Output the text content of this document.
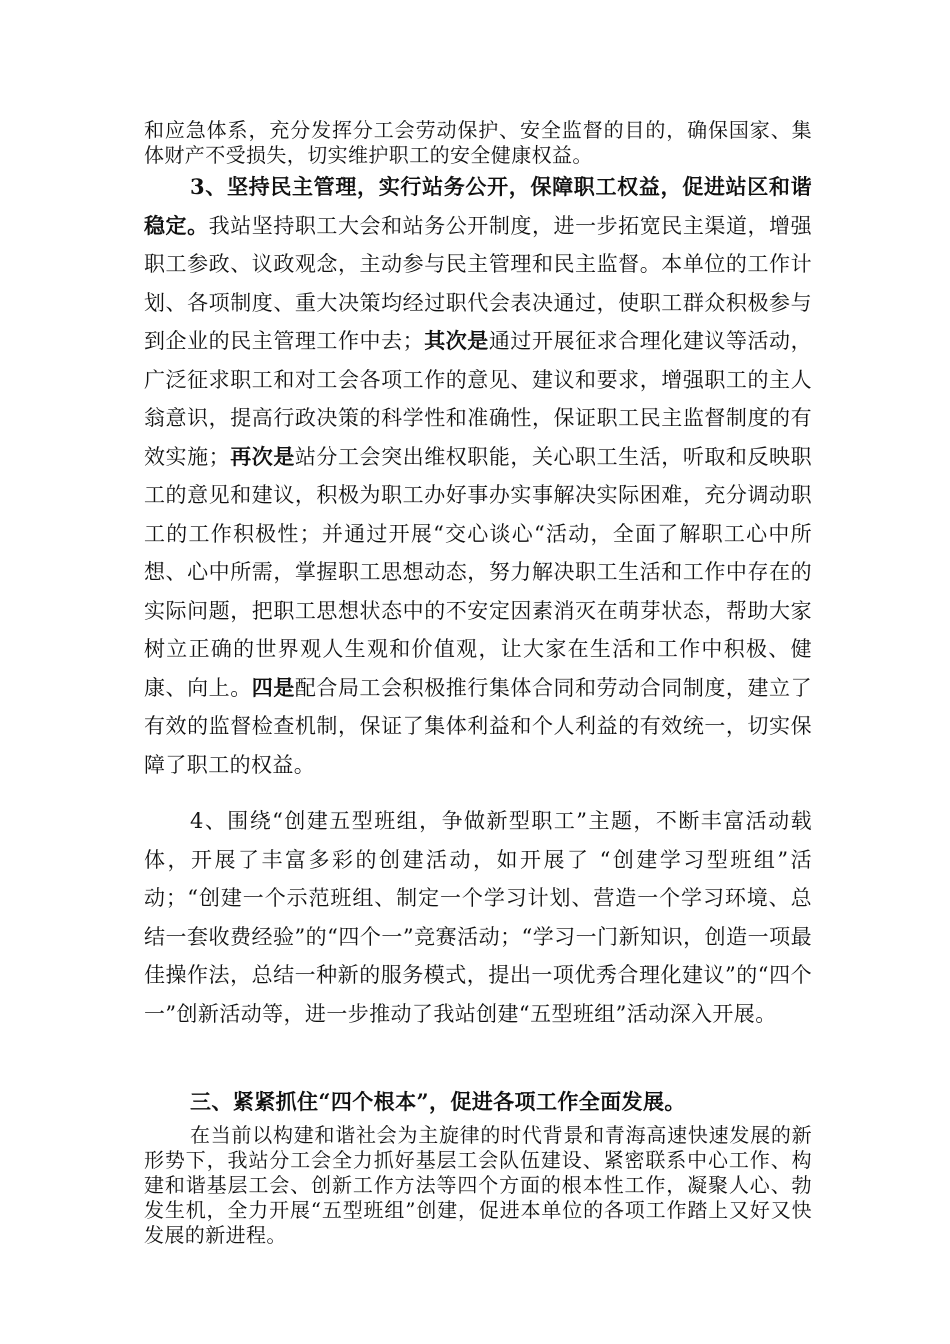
和应急体系，充分发挥分工会劳动保护、安全监督的目的，确保国家、集体财产不受损失，切实维护职工的安全健康权益。

3、坚持民主管理，实行站务公开，保障职工权益，促进站区和谐稳定。我站坚持职工大会和站务公开制度，进一步拓宽民主渠道，增强职工参政、议政观念，主动参与民主管理和民主监督。本单位的工作计划、各项制度、重大决策均经过职代会表决通过，使职工群众积极参与到企业的民主管理工作中去；其次是通过开展征求合理化建议等活动，广泛征求职工和对工会各项工作的意见、建议和要求，增强职工的主人翁意识，提高行政决策的科学性和准确性，保证职工民主监督制度的有效实施；再次是站分工会突出维权职能，关心职工生活，听取和反映职工的意见和建议，积极为职工办好事办实事解决实际困难，充分调动职工的工作积极性；并通过开展“交心谈心“活动，全面了解职工心中所想、心中所需，掌握职工思想动态，努力解决职工生活和工作中存在的实际问题，把职工思想状态中的不安定因素消灭在萌芽状态，帮助大家树立正确的世界观人生观和价值观，让大家在生活和工作中积极、健康、向上。四是配合局工会积极推行集体合同和劳动合同制度，建立了有效的监督检查机制，保证了集体利益和个人利益的有效统一，切实保障了职工的权益。

4、围绕“创建五型班组，争做新型职工”主题，不断丰富活动载体，开展了丰富多彩的创建活动，如开展了 “创建学习型班组”活动；“创建一个示范班组、制定一个学习计划、营造一个学习环境、总结一套收费经验”的“四个一”竞赛活动；“学习一门新知识，创造一项最佳操作法，总结一种新的服务模式，提出一项优秀合理化建议”的“四个一”创新活动等，进一步推动了我站创建“五型班组”活动深入开展。

三、紧紧抓住“四个根本”，促进各项工作全面发展。

在当前以构建和谐社会为主旋律的时代背景和青海高速快速发展的新形势下，我站分工会全力抓好基层工会队伍建设、紧密联系中心工作、构建和谐基层工会、创新工作方法等四个方面的根本性工作，凝聚人心、勃发生机，全力开展“五型班组”创建，促进本单位的各项工作踏上又好又快发展的新进程。
